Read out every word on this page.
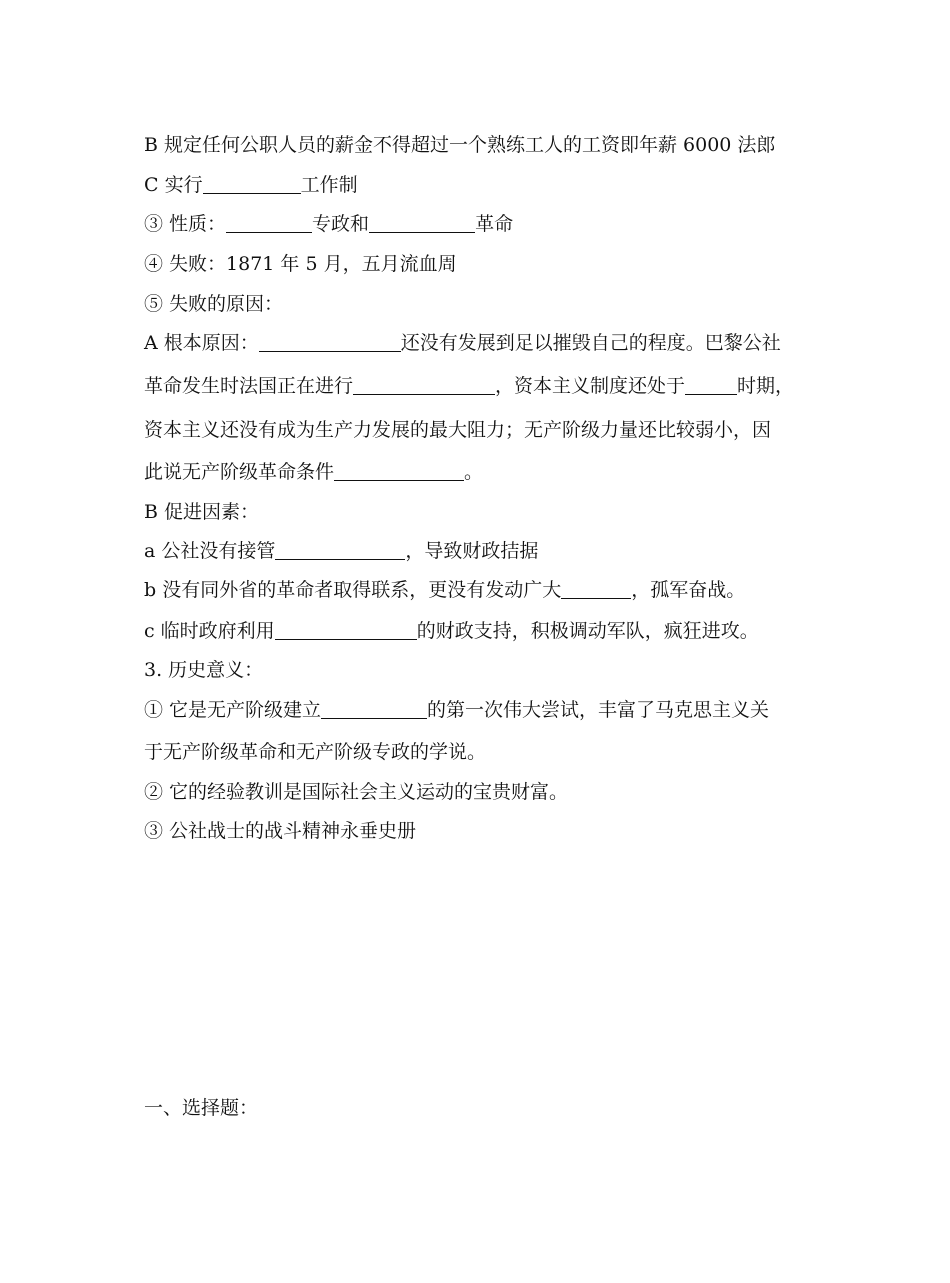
B 规定任何公职人员的薪金不得超过一个熟练工人的工资即年薪 6000 法郎
C 实行	工作制
③ 性质：	专政和	革命
④ 失败：1871 年 5 月，五月流血周
⑤ 失败的原因：
A 根本原因：	还没有发展到足以摧毁自己的程度。巴黎公社
革命发生时法国正在进行	，资本主义制度还处于	时期，
资本主义还没有成为生产力发展的最大阻力；无产阶级力量还比较弱小，因
此说无产阶级革命条件	。
B 促进因素：
a 公社没有接管	，导致财政拮据
b 没有同外省的革命者取得联系，更没有发动广大	，孤军奋战。
c 临时政府利用	的财政支持，积极调动军队，疯狂进攻。
3. 历史意义：
① 它是无产阶级建立	的第一次伟大尝试，丰富了马克思主义关
于无产阶级革命和无产阶级专政的学说。
② 它的经验教训是国际社会主义运动的宝贵财富。
③ 公社战士的战斗精神永垂史册
一、选择题：
